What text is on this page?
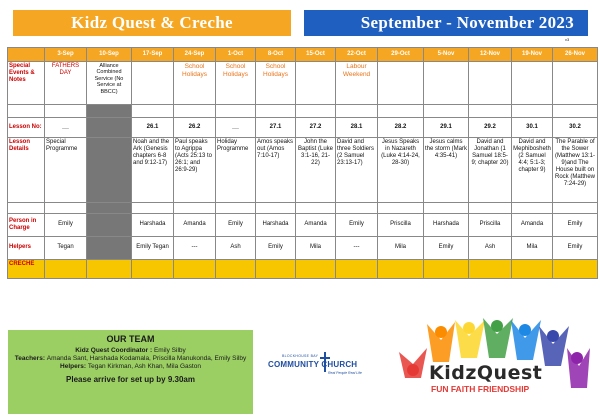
Kidz Quest & Creche	September - November 2023
v3
	3-Sep	10-Sep	17-Sep	24-Sep	1-Oct	8-Oct	15-Oct	22-Oct	29-Oct	5-Nov	12-Nov	19-Nov	26-Nov
Special Events & Notes	FATHERS DAY	Alliance Combined Service (No Service at BBCC)		School Holidays	School Holidays	School Holidays		Labour Weekend					

Lesson No:	__		26.1	26.2	__	27.1	27.2	28.1	28.2	29.1	29.2	30.1	30.2
Lesson Details	Special Programme		Noah and the Ark (Genesis chapters 6-8 and 9:12-17)	Paul speaks to Agrippa (Acts 25:13 to 26:1; and 26:9-29)	Holiday Programme	Amos speaks out (Amos 7:10-17)	John the Baptist (Luke 3:1-16, 21-22)	David and three Soldiers (2 Samuel 23:13-17)	Jesus Speaks in Nazareth (Luke 4:14-24, 28-30)	Jesus calms the storm (Mark 4:35-41)	David and Jonathan (1 Samuel 18:5-9; chapter 20)	David and Mephibosheth (2 Samuel 4:4; 5:1-3; chapter 9)	The Parable of the Sower (Matthew 13:1-9)and The House built on Rock (Matthew 7:24-29)

Person in Charge	Emily		Harshada	Amanda	Emily	Harshada	Amanda	Emily	Priscilla	Harshada	Priscilla	Amanda	Emily
Helpers	Tegan		Emily Tegan	---	Ash	Emily	Mila	---	Mila	Emily	Ash	Mila	Emily
CRECHE													
OUR TEAM
Kidz Quest Coordinator : Emily Silby
Teachers: Amanda Sant, Harshada Kodamala, Priscilla Manukonda, Emily Silby
Helpers: Tegan Kirkman, Ash Khan, Mila Gaston
Please arrive for set up by 9.30am
BLOCKHOUSE BAY
COMMUNITY CHURCH
Real People Real Life	KidzQuest
FUN FAITH FRIENDSHIP
